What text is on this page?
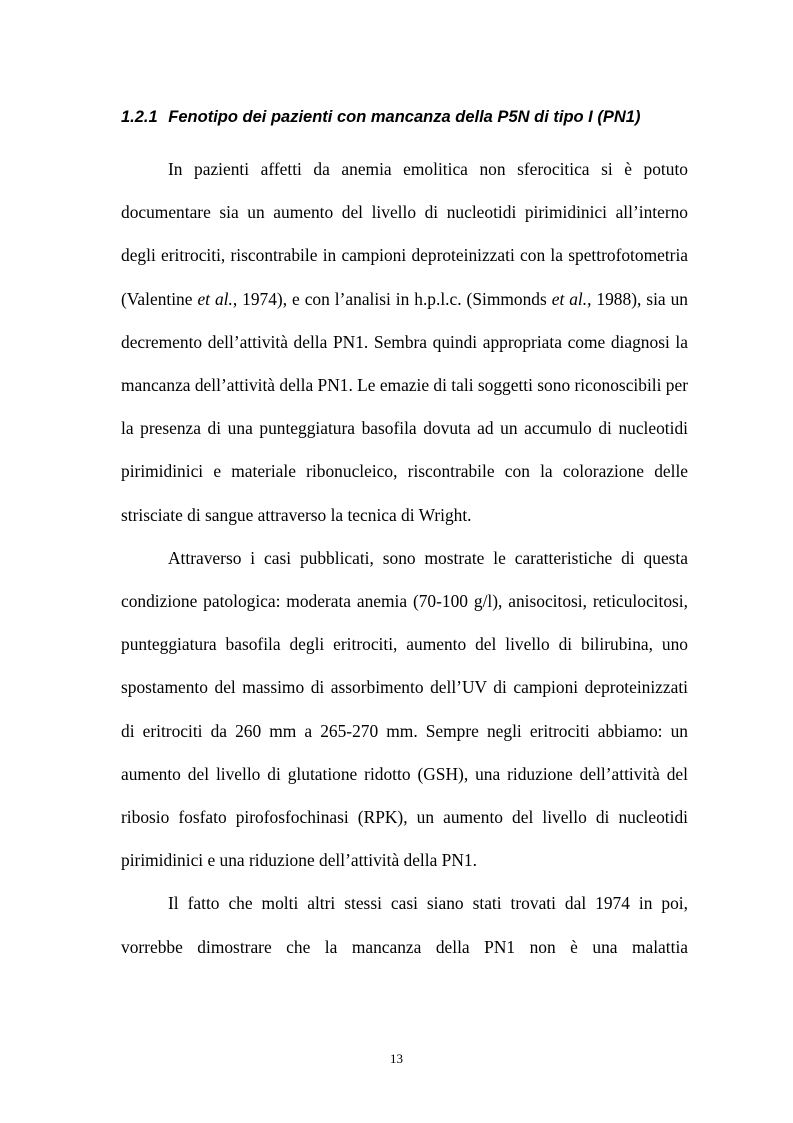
1.2.1 Fenotipo dei pazienti con mancanza della P5N di tipo I (PN1)

In pazienti affetti da anemia emolitica non sferocitica si è potuto documentare sia un aumento del livello di nucleotidi pirimidinici all’interno degli eritrociti, riscontrabile in campioni deproteinizzati con la spettrofotometria (Valentine et al., 1974), e con l’analisi in h.p.l.c. (Simmonds et al., 1988), sia un decremento dell’attività della PN1. Sembra quindi appropriata come diagnosi la mancanza dell’attività della PN1. Le emazie di tali soggetti sono riconoscibili per la presenza di una punteggiatura basofila dovuta ad un accumulo di nucleotidi pirimidinici e materiale ribonucleico, riscontrabile con la colorazione delle strisciate di sangue attraverso la tecnica di Wright.

Attraverso i casi pubblicati, sono mostrate le caratteristiche di questa condizione patologica: moderata anemia (70-100 g/l), anisocitosi, reticulocitosi, punteggiatura basofila degli eritrociti, aumento del livello di bilirubina, uno spostamento del massimo di assorbimento dell’UV di campioni deproteinizzati di eritrociti da 260 mm a 265-270 mm. Sempre negli eritrociti abbiamo: un aumento del livello di glutatione ridotto (GSH), una riduzione dell’attività del ribosio fosfato pirofosfochinasi (RPK), un aumento del livello di nucleotidi pirimidinici e una riduzione dell’attività della PN1.

Il fatto che molti altri stessi casi siano stati trovati dal 1974 in poi, vorrebbe dimostrare che la mancanza della PN1 non è una malattia

13
